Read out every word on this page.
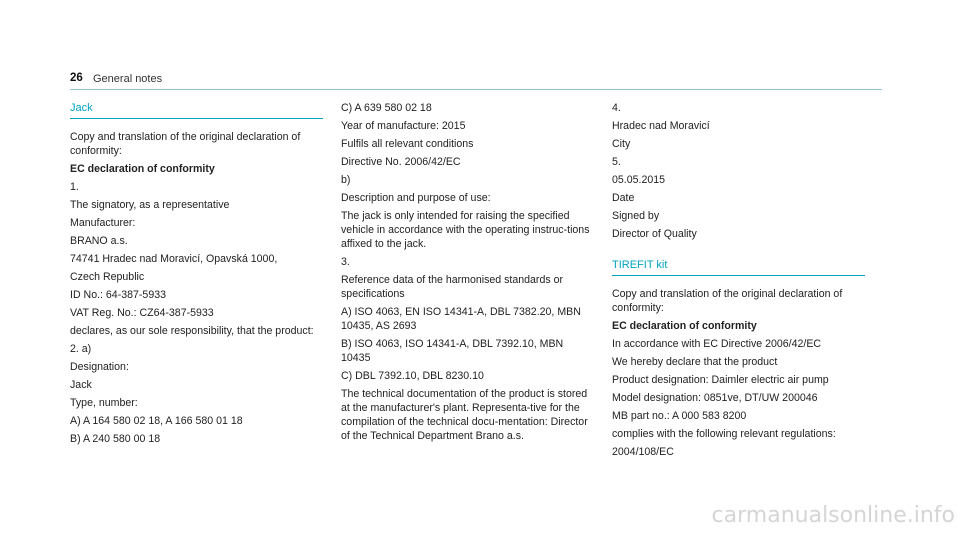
26 General notes
Jack
Copy and translation of the original declaration of conformity:
EC declaration of conformity
1.
The signatory, as a representative
Manufacturer:
BRANO a.s.
74741 Hradec nad Moravicí, Opavská 1000,
Czech Republic
ID No.: 64-387-5933
VAT Reg. No.: CZ64-387-5933
declares, as our sole responsibility, that the product:
2. a)
Designation:
Jack
Type, number:
A) A 164 580 02 18, A 166 580 01 18
B) A 240 580 00 18
C) A 639 580 02 18
Year of manufacture: 2015
Fulfils all relevant conditions
Directive No. 2006/42/EC
b)
Description and purpose of use:
The jack is only intended for raising the specified vehicle in accordance with the operating instruc-tions affixed to the jack.
3.
Reference data of the harmonised standards or specifications
A) ISO 4063, EN ISO 14341-A, DBL 7382.20, MBN 10435, AS 2693
B) ISO 4063, ISO 14341-A, DBL 7392.10, MBN 10435
C) DBL 7392.10, DBL 8230.10
The technical documentation of the product is stored at the manufacturer's plant. Representa-tive for the compilation of the technical docu-mentation: Director of the Technical Department Brano a.s.
4.
Hradec nad Moravicí
City
5.
05.05.2015
Date
Signed by
Director of Quality
TIREFIT kit
Copy and translation of the original declaration of conformity:
EC declaration of conformity
In accordance with EC Directive 2006/42/EC
We hereby declare that the product
Product designation: Daimler electric air pump
Model designation: 0851ve, DT/UW 200046
MB part no.: A 000 583 8200
complies with the following relevant regulations:
2004/108/EC
carmanualsonline.info
